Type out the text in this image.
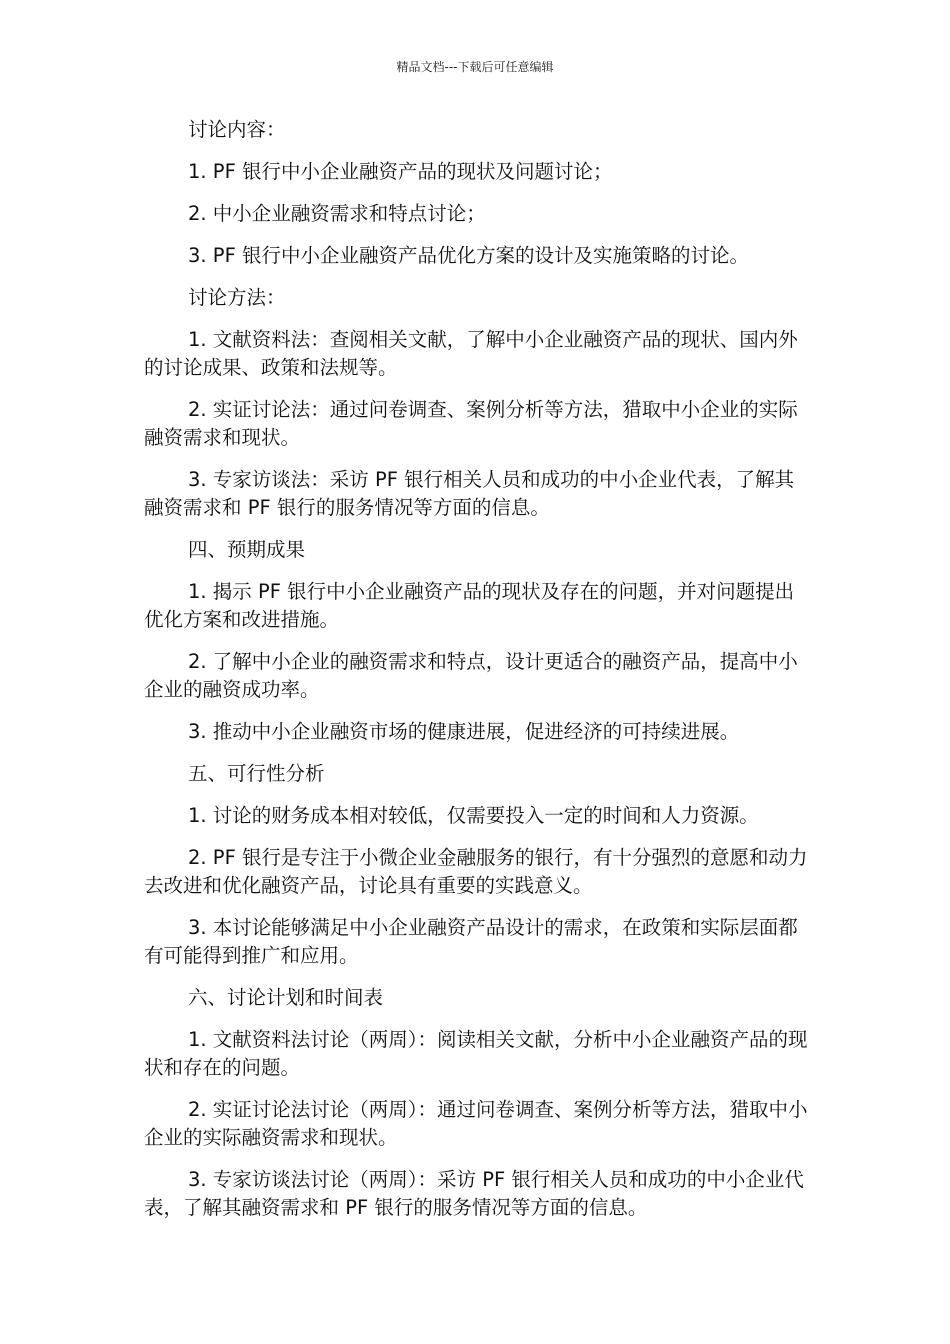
精品文档---下载后可任意编辑

讨论内容：

1. PF 银行中小企业融资产品的现状及问题讨论；

2. 中小企业融资需求和特点讨论；

3. PF 银行中小企业融资产品优化方案的设计及实施策略的讨论。

讨论方法：

1. 文献资料法：查阅相关文献，了解中小企业融资产品的现状、国内外的讨论成果、政策和法规等。

2. 实证讨论法：通过问卷调查、案例分析等方法，猎取中小企业的实际融资需求和现状。

3. 专家访谈法：采访 PF 银行相关人员和成功的中小企业代表，了解其融资需求和 PF 银行的服务情况等方面的信息。

四、预期成果

1. 揭示 PF 银行中小企业融资产品的现状及存在的问题，并对问题提出优化方案和改进措施。

2. 了解中小企业的融资需求和特点，设计更适合的融资产品，提高中小企业的融资成功率。

3. 推动中小企业融资市场的健康进展，促进经济的可持续进展。

五、可行性分析

1. 讨论的财务成本相对较低，仅需要投入一定的时间和人力资源。

2. PF 银行是专注于小微企业金融服务的银行，有十分强烈的意愿和动力去改进和优化融资产品，讨论具有重要的实践意义。

3. 本讨论能够满足中小企业融资产品设计的需求，在政策和实际层面都有可能得到推广和应用。

六、讨论计划和时间表

1. 文献资料法讨论（两周）：阅读相关文献，分析中小企业融资产品的现状和存在的问题。

2. 实证讨论法讨论（两周）：通过问卷调查、案例分析等方法，猎取中小企业的实际融资需求和现状。

3. 专家访谈法讨论（两周）：采访 PF 银行相关人员和成功的中小企业代表，了解其融资需求和 PF 银行的服务情况等方面的信息。
